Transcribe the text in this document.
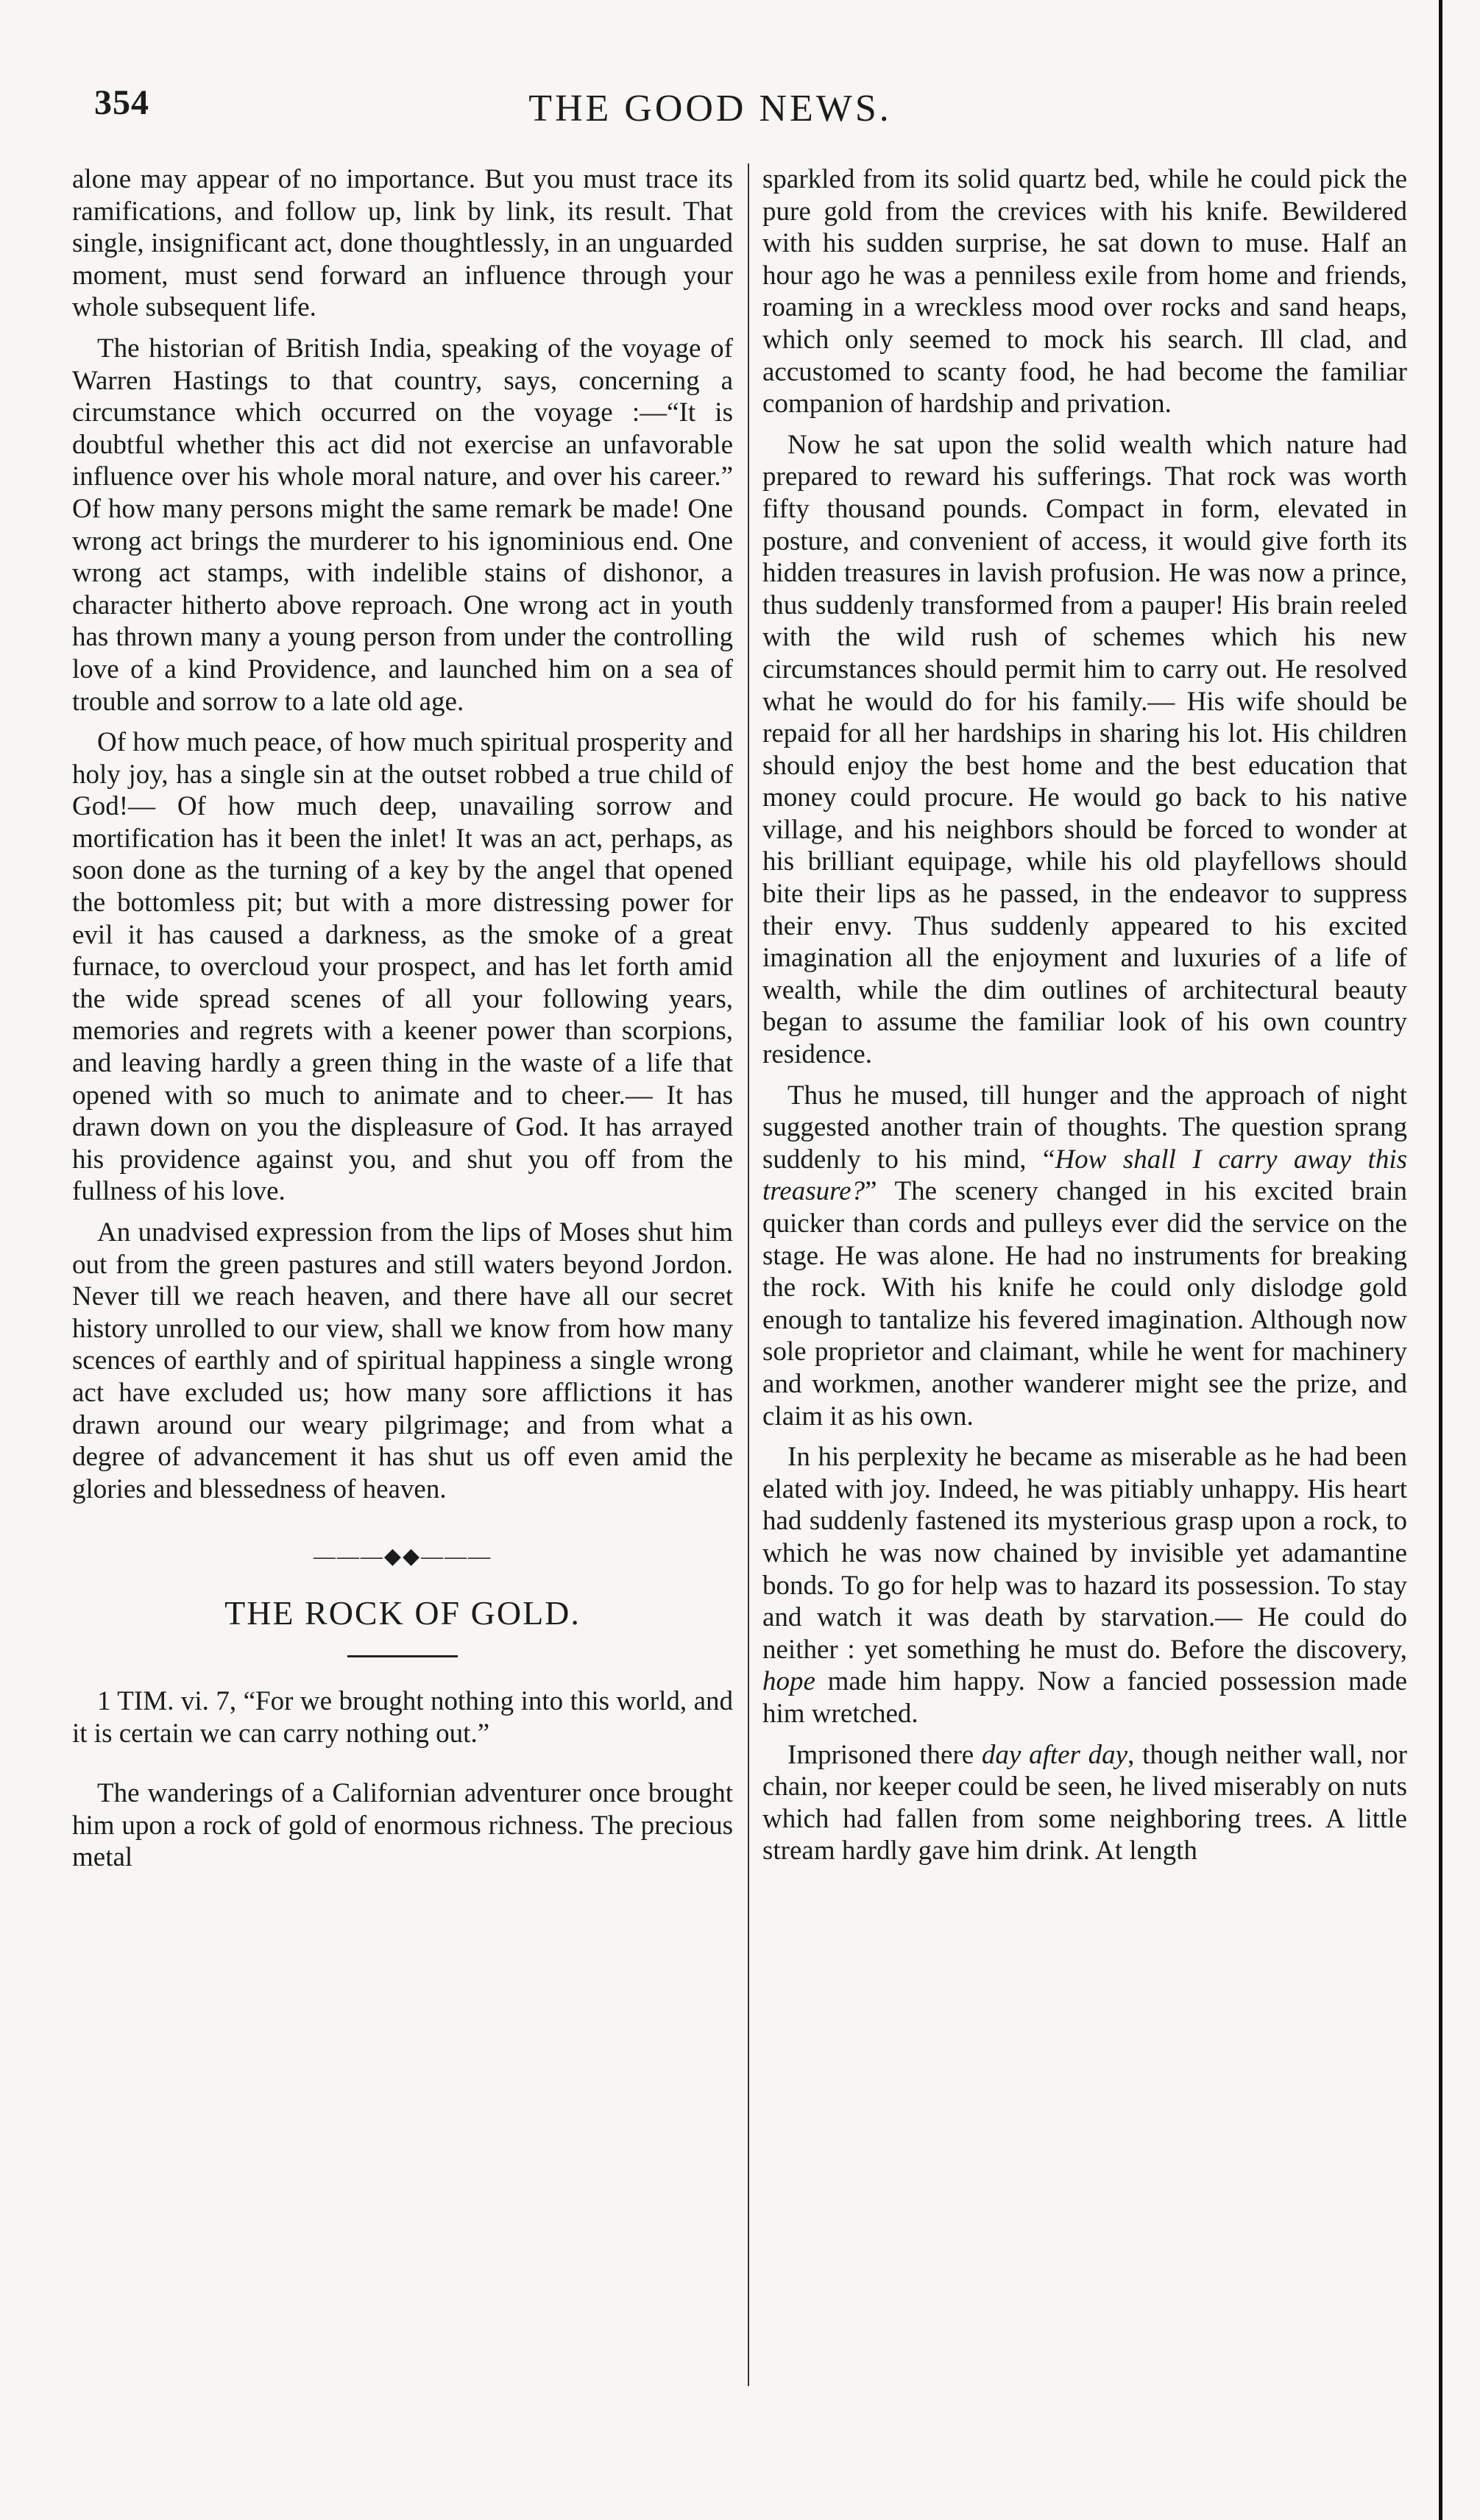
354	THE GOOD NEWS.

alone may appear of no importance. But you must trace its ramifications, and follow up, link by link, its result. That single, insignificant act, done thoughtlessly, in an unguarded moment, must send forward an influence through your whole subsequent life.

The historian of British India, speaking of the voyage of Warren Hastings to that country, says, concerning a circumstance which occurred on the voyage :—“It is doubtful whether this act did not exercise an unfavorable influence over his whole moral nature, and over his career.” Of how many persons might the same remark be made! One wrong act brings the murderer to his ignominious end. One wrong act stamps, with indelible stains of dishonor, a character hitherto above reproach. One wrong act in youth has thrown many a young person from under the controlling love of a kind Providence, and launched him on a sea of trouble and sorrow to a late old age.

Of how much peace, of how much spiritual prosperity and holy joy, has a single sin at the outset robbed a true child of God!— Of how much deep, unavailing sorrow and mortification has it been the inlet! It was an act, perhaps, as soon done as the turning of a key by the angel that opened the bottomless pit; but with a more distressing power for evil it has caused a darkness, as the smoke of a great furnace, to overcloud your prospect, and has let forth amid the wide spread scenes of all your following years, memories and regrets with a keener power than scorpions, and leaving hardly a green thing in the waste of a life that opened with so much to animate and to cheer.— It has drawn down on you the displeasure of God. It has arrayed his providence against you, and shut you off from the fullness of his love.

An unadvised expression from the lips of Moses shut him out from the green pastures and still waters beyond Jordon. Never till we reach heaven, and there have all our secret history unrolled to our view, shall we know from how many scences of earthly and of spiritual happiness a single wrong act have excluded us; how many sore afflictions it has drawn around our weary pilgrimage; and from what a degree of advancement it has shut us off even amid the glories and blessedness of heaven.

———◆◆———
THE ROCK OF GOLD.

1 TIM. vi. 7, “For we brought nothing into this world, and it is certain we can carry nothing out.”

The wanderings of a Californian adventurer once brought him upon a rock of gold of enormous richness. The precious metal

sparkled from its solid quartz bed, while he could pick the pure gold from the crevices with his knife. Bewildered with his sudden surprise, he sat down to muse. Half an hour ago he was a penniless exile from home and friends, roaming in a wreckless mood over rocks and sand heaps, which only seemed to mock his search. Ill clad, and accustomed to scanty food, he had become the familiar companion of hardship and privation.

Now he sat upon the solid wealth which nature had prepared to reward his sufferings. That rock was worth fifty thousand pounds. Compact in form, elevated in posture, and convenient of access, it would give forth its hidden treasures in lavish profusion. He was now a prince, thus suddenly transformed from a pauper! His brain reeled with the wild rush of schemes which his new circumstances should permit him to carry out. He resolved what he would do for his family.— His wife should be repaid for all her hardships in sharing his lot. His children should enjoy the best home and the best education that money could procure. He would go back to his native village, and his neighbors should be forced to wonder at his brilliant equipage, while his old playfellows should bite their lips as he passed, in the endeavor to suppress their envy. Thus suddenly appeared to his excited imagination all the enjoyment and luxuries of a life of wealth, while the dim outlines of architectural beauty began to assume the familiar look of his own country residence.

Thus he mused, till hunger and the approach of night suggested another train of thoughts. The question sprang suddenly to his mind, “How shall I carry away this treasure?” The scenery changed in his excited brain quicker than cords and pulleys ever did the service on the stage. He was alone. He had no instruments for breaking the rock. With his knife he could only dislodge gold enough to tantalize his fevered imagination. Although now sole proprietor and claimant, while he went for machinery and workmen, another wanderer might see the prize, and claim it as his own.

In his perplexity he became as miserable as he had been elated with joy. Indeed, he was pitiably unhappy. His heart had suddenly fastened its mysterious grasp upon a rock, to which he was now chained by invisible yet adamantine bonds. To go for help was to hazard its possession. To stay and watch it was death by starvation.— He could do neither : yet something he must do. Before the discovery, hope made him happy. Now a fancied possession made him wretched.

Imprisoned there day after day, though neither wall, nor chain, nor keeper could be seen, he lived miserably on nuts which had fallen from some neighboring trees. A little stream hardly gave him drink. At length
